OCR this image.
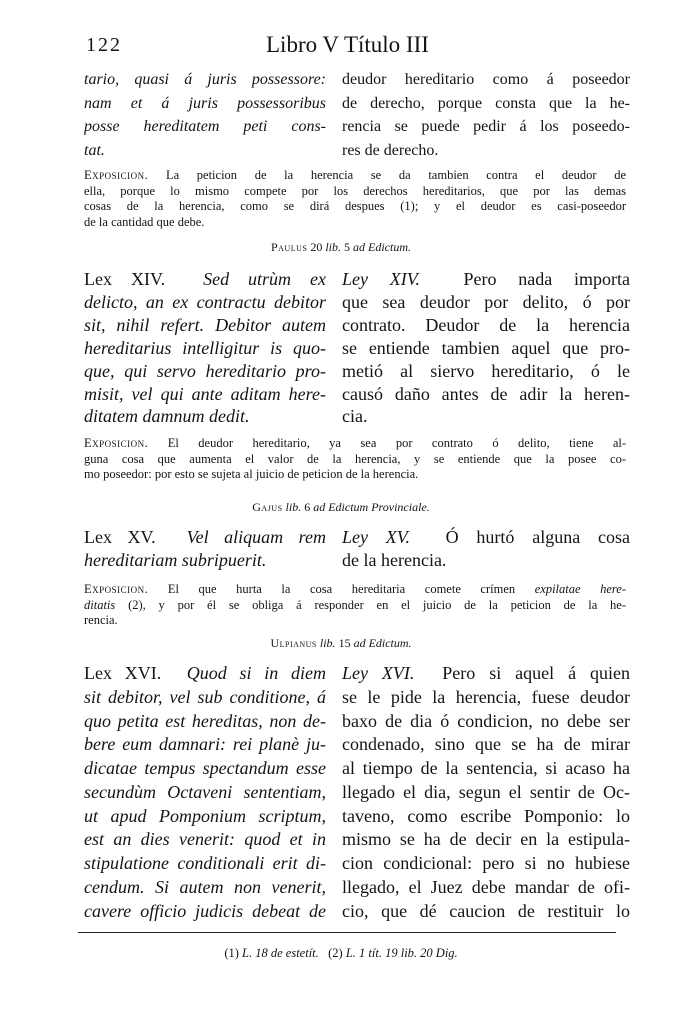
122	Libro V Título III
tario, quasi á juris possessore:
nam et á juris possessoribus
posse hereditatem peti cons-
tat.
deudor hereditario como á poseedor
de derecho, porque consta que la he-
rencia se puede pedir á los poseedo-
res de derecho.
Exposicion. La peticion de la herencia se da tambien contra el deudor de
ella, porque lo mismo compete por los derechos hereditarios, que por las demas
cosas de la herencia, como se dirá despues (1); y el deudor es casi-poseedor
de la cantidad que debe.
Paulus 20 lib. 5 ad Edictum.
Lex XIV. Sed utrùm ex
delicto, an ex contractu debitor
sit, nihil refert. Debitor autem
hereditarius intelligitur is quo-
que, qui servo hereditario pro-
misit, vel qui ante aditam here-
ditatem damnum dedit.
Ley XIV. Pero nada importa
que sea deudor por delito, ó por
contrato. Deudor de la herencia
se entiende tambien aquel que pro-
metió al siervo hereditario, ó le
causó daño antes de adir la heren-
cia.
Exposicion. El deudor hereditario, ya sea por contrato ó delito, tiene al-
guna cosa que aumenta el valor de la herencia, y se entiende que la posee co-
mo poseedor: por esto se sujeta al juicio de peticion de la herencia.
Gajus lib. 6 ad Edictum Provinciale.
Lex XV. Vel aliquam rem
hereditariam subripuerit.
Ley XV. Ó hurtó alguna cosa
de la herencia.
Exposicion. El que hurta la cosa hereditaria comete crímen expilatae here-
ditatis (2), y por él se obliga á responder en el juicio de la peticion de la he-
rencia.
Ulpianus lib. 15 ad Edictum.
Lex XVI. Quod si in diem
sit debitor, vel sub conditione, á
quo petita est hereditas, non de-
bere eum damnari: rei planè ju-
dicatae tempus spectandum esse
secundùm Octaveni sententiam,
ut apud Pomponium scriptum,
est an dies venerit: quod et in
stipulatione conditionali erit di-
cendum. Si autem non venerit,
cavere officio judicis debeat de
Ley XVI. Pero si aquel á quien
se le pide la herencia, fuese deudor
baxo de dia ó condicion, no debe ser
condenado, sino que se ha de mirar
al tiempo de la sentencia, si acaso ha
llegado el dia, segun el sentir de Oc-
taveno, como escribe Pomponio: lo
mismo se ha de decir en la estipula-
cion condicional: pero si no hubiese
llegado, el Juez debe mandar de ofi-
cio, que dé caucion de restituir lo
(1) L. 18 de estetít. (2) L. 1 tít. 19 lib. 20 Dig.
